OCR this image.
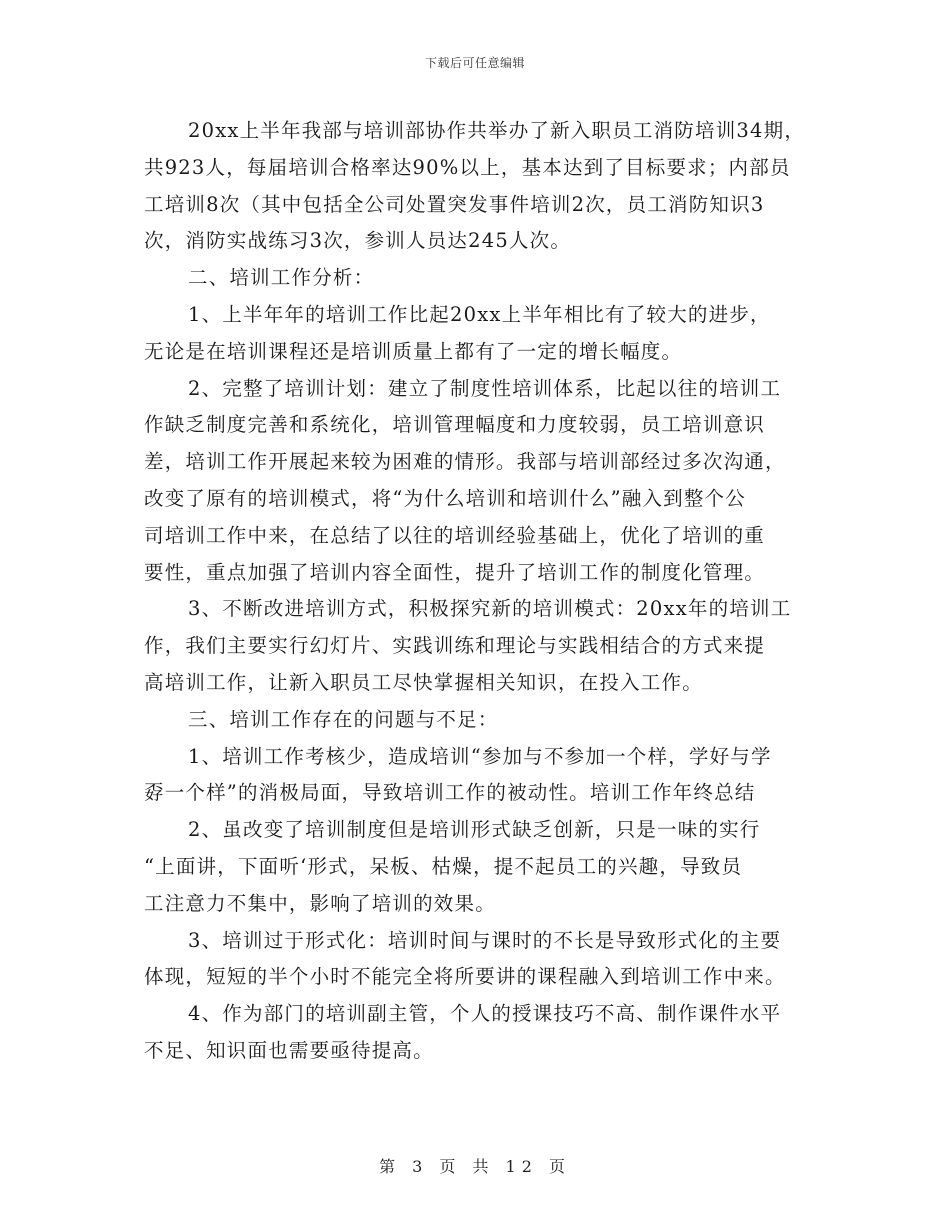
下载后可任意编辑
20xx上半年我部与培训部协作共举办了新入职员工消防培训34期，
共923人，每届培训合格率达90%以上，基本达到了目标要求；内部员
工培训8次（其中包括全公司处置突发事件培训2次，员工消防知识3
次，消防实战练习3次，参训人员达245人次。
二、培训工作分析：
1、上半年年的培训工作比起20xx上半年相比有了较大的进步，
无论是在培训课程还是培训质量上都有了一定的增长幅度。
2、完整了培训计划：建立了制度性培训体系，比起以往的培训工
作缺乏制度完善和系统化，培训管理幅度和力度较弱，员工培训意识
差，培训工作开展起来较为困难的情形。我部与培训部经过多次沟通，
改变了原有的培训模式，将“为什么培训和培训什么”融入到整个公
司培训工作中来，在总结了以往的培训经验基础上，优化了培训的重
要性，重点加强了培训内容全面性，提升了培训工作的制度化管理。
3、不断改进培训方式，积极探究新的培训模式：20xx年的培训工
作，我们主要实行幻灯片、实践训练和理论与实践相结合的方式来提
高培训工作，让新入职员工尽快掌握相关知识，在投入工作。
三、培训工作存在的问题与不足：
1、培训工作考核少，造成培训“参加与不参加一个样，学好与学
孬一个样”的消极局面，导致培训工作的被动性。培训工作年终总结
2、虽改变了培训制度但是培训形式缺乏创新，只是一味的实行
“上面讲，下面听‘形式，呆板、枯燥，提不起员工的兴趣，导致员
工注意力不集中，影响了培训的效果。
3、培训过于形式化：培训时间与课时的不长是导致形式化的主要
体现，短短的半个小时不能完全将所要讲的课程融入到培训工作中来。
4、作为部门的培训副主管，个人的授课技巧不高、制作课件水平
不足、知识面也需要亟待提高。
第 3 页 共 12 页
